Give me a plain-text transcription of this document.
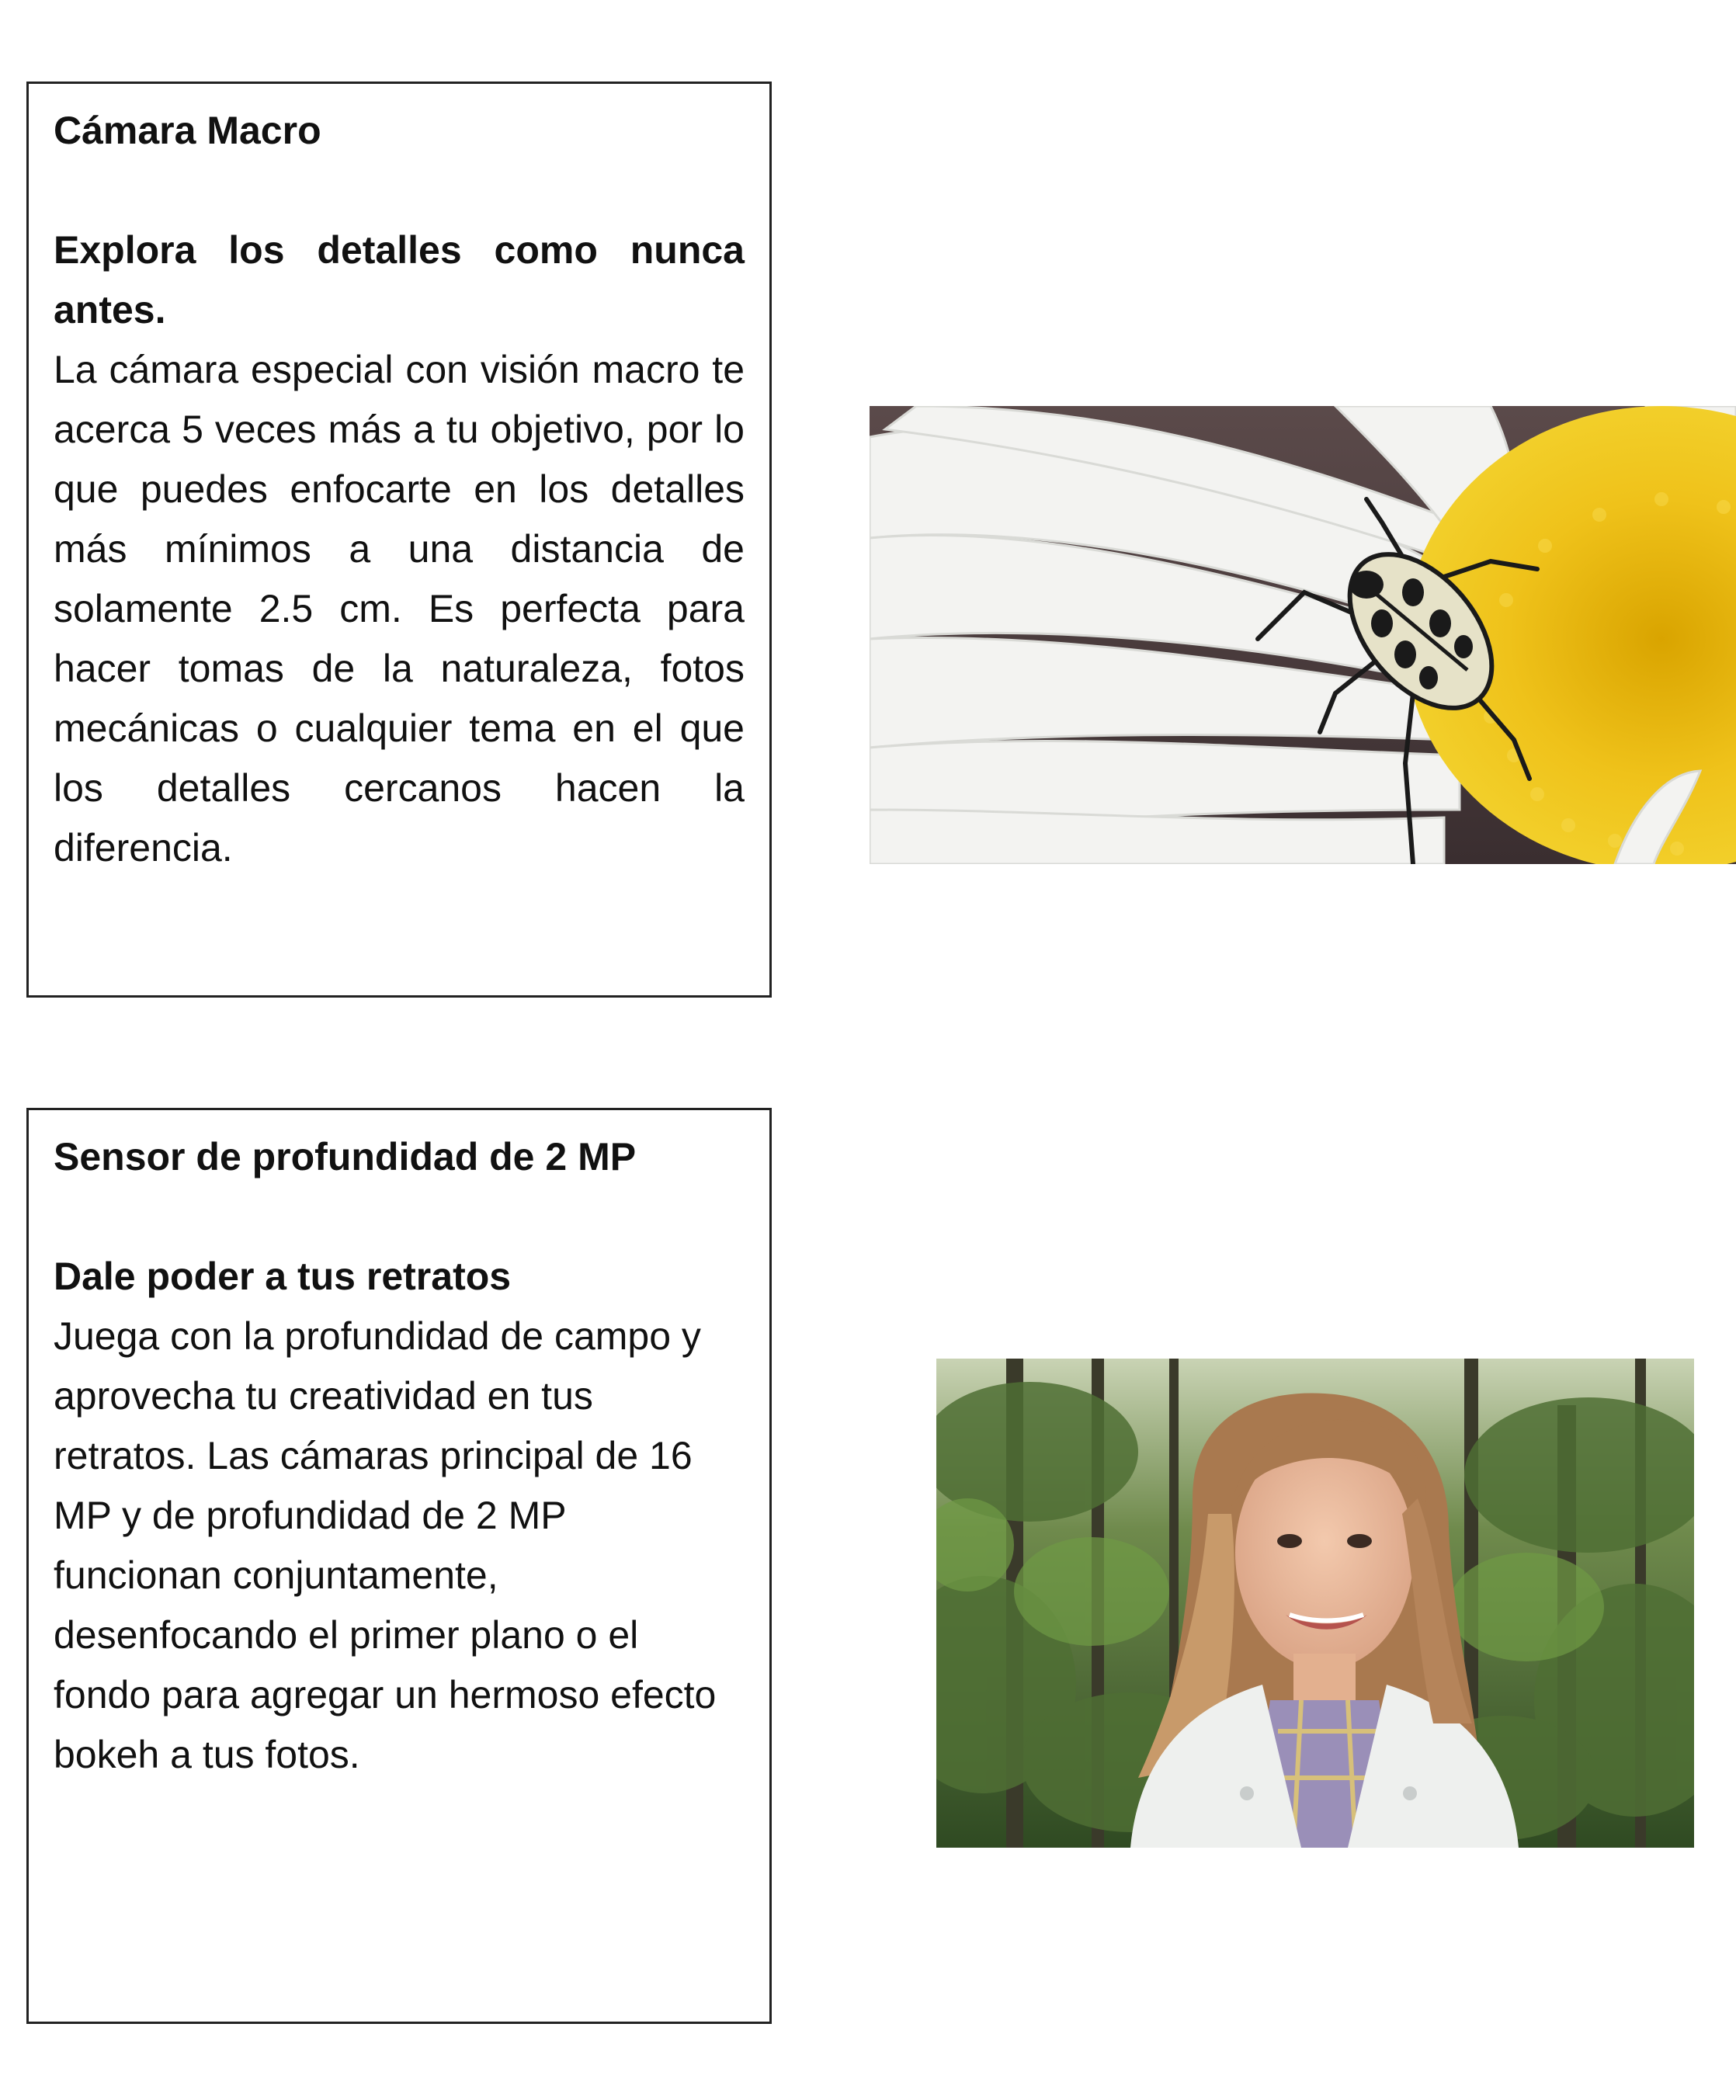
Cámara Macro

Explora los detalles como nunca antes.

La cámara especial con visión macro te acerca 5 veces más a tu objetivo, por lo que puedes enfocarte en los detalles más mínimos a una distancia de solamente 2.5 cm. Es perfecta para hacer tomas de la naturaleza, fotos mecánicas o cualquier tema en el que los detalles cercanos hacen la diferencia.

Sensor de profundidad de 2 MP

Dale poder a tus retratos

Juega con la profundidad de campo y aprovecha tu creatividad en tus retratos. Las cámaras principal de 16 MP y de profundidad de 2 MP funcionan conjuntamente, desenfocando el primer plano o el fondo para agregar un hermoso efecto bokeh a tus fotos.
